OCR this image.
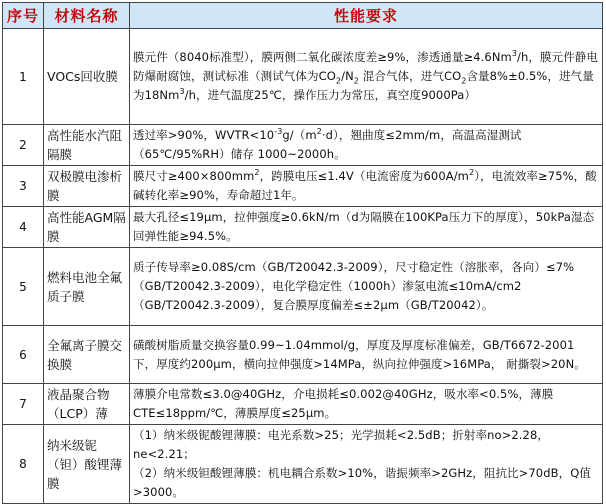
序号	材料名称	性能要求
1	VOCs回收膜	膜元件（8040标准型），膜两侧二氧化碳浓度差≥9%，渗透通量$\ge 4.6Nm^3/h$，膜元件静电防爆耐腐蚀，测试标准（测试气体为$CO_2/N_2$ 混合气体，进气$CO_2$含量8%±0.5%，进气量为18Nm$^3$/h，进气温度25℃，操作压力为常压，真空度9000Pa）
2	高性能水汽阻隔膜	透过率>90%，$WVTR<10^{-3}g/(m^2\cdot d)$，翘曲度≤2mm/m，高温高湿测试（65℃/95%RH）储存 1000~2000h。
3	双极膜电渗析膜	膜尺寸$\ge 400\times 800mm^2$，跨膜电压≤1.4V（电流密度为$600A/m^2$），电流效率≥75%，酸碱转化率≥90%，寿命超过1年。
4	高性能AGM隔膜	最大孔径≤19μm，拉伸强度≥0.6kN/m（d为隔膜在100KPa压力下的厚度），50kPa湿态回弹性能≥94.5%。
5	燃料电池全氟质子膜	质子传导率≥0.08S/cm（GB/T20042.3-2009），尺寸稳定性（溶胀率，各向）≤7%（GB/T20042.3-2009），电化学稳定性（1000h）渗氢电流≤10mA/cm2 （GB/T20042.3-2009），复合膜厚度偏差≤±2μm（GB/T20042）。
6	全氟离子膜交换膜	磺酸树脂质量交换容量0.99~1.04mmol/g，厚度及厚度标准偏差，GB/T6672-2001 下，厚度约200μm，横向拉伸强度>14MPa，纵向拉伸强度>16MPa， 耐撕裂>20N。
7	液晶聚合物（LCP）薄	薄膜介电常数≤3.0@40GHz，介电损耗≤0.002@40GHz，吸水率<0.5%，薄膜 CTE≤18ppm/℃，薄膜厚度≤25μm。
8	纳米级铌（钽）酸锂薄膜	（1）纳米级铌酸锂薄膜：电光系数>25；光学损耗<2.5dB；折射率no>2.28，ne<2.21；
（2）纳米级钽酸锂薄膜：机电耦合系数>10%，谐振频率>2GHz，阻抗比>70dB，Q值>3000。
